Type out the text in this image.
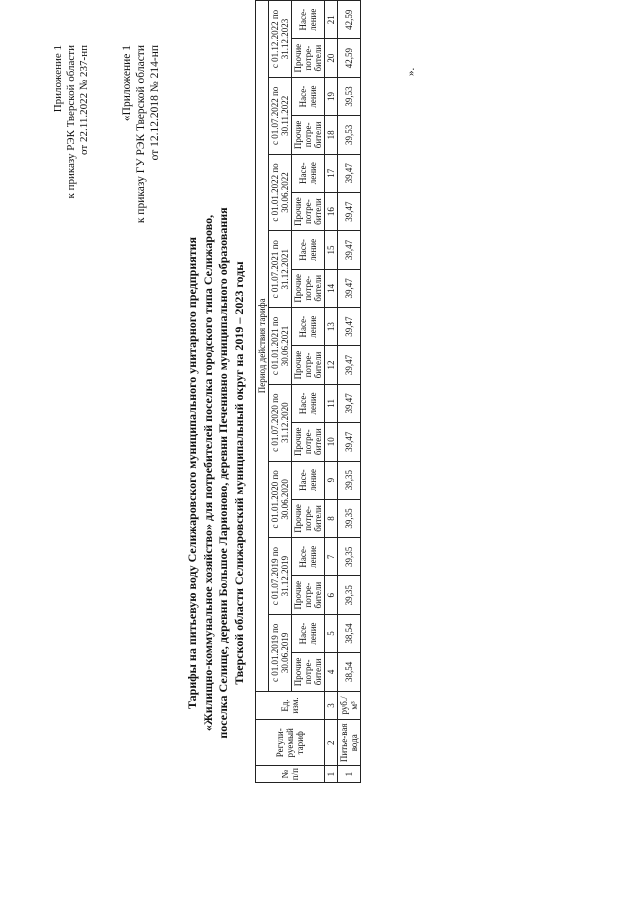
Приложение 1 к приказу РЭК Тверской области от 22.11.2022 № 237-нп	«Приложение 1 к приказу ГУ РЭК Тверской области от 12.12.2018 № 214-нп
Тарифы на питьевую воду Селижаровского муниципального унитарного предприятия «Жилищно-коммунальное хозяйство» для потребителей поселка городского типа Селижарово, поселка Селище, деревни Большое Ларионово, деревни Печенивно муниципального образования Тверской области Селижаровский муниципальный округ на 2019 – 2023 годы
№ п/п	Регули-руемый тариф	Ед. изм.	Период действия тарифа																	
			с 01.01.2019 по 30.06.2019		с 01.07.2019 по 31.12.2019		с 01.01.2020 по 30.06.2020		с 01.07.2020 по 31.12.2020		с 01.01.2021 по 30.06.2021		с 01.07.2021 по 31.12.2021		с 01.01.2022 по 30.06.2022		с 01.07.2022 по 30.11.2022		с 01.12.2022 по 31.12.2023	
			Прочие потре-бители	Насе-ление	Прочие потре-бители	Насе-ление	Прочие потре-бители	Насе-ление	Прочие потре-бители	Насе-ление	Прочие потре-бители	Насе-ление	Прочие потре-бители	Насе-ление	Прочие потре-бители	Насе-ление	Прочие потре-бители	Насе-ление	Прочие потре-бители	Насе-ление
1	2	3	4	5	6	7	8	9	10	11	12	13	14	15	16	17	18	19	20	21
1	Питье-вая вода	руб./м³	38,54	38,54	39,35	39,35	39,35	39,35	39,47	39,47	39,47	39,47	39,47	39,47	39,47	39,47	39,53	39,53	42,59	42,59
».
